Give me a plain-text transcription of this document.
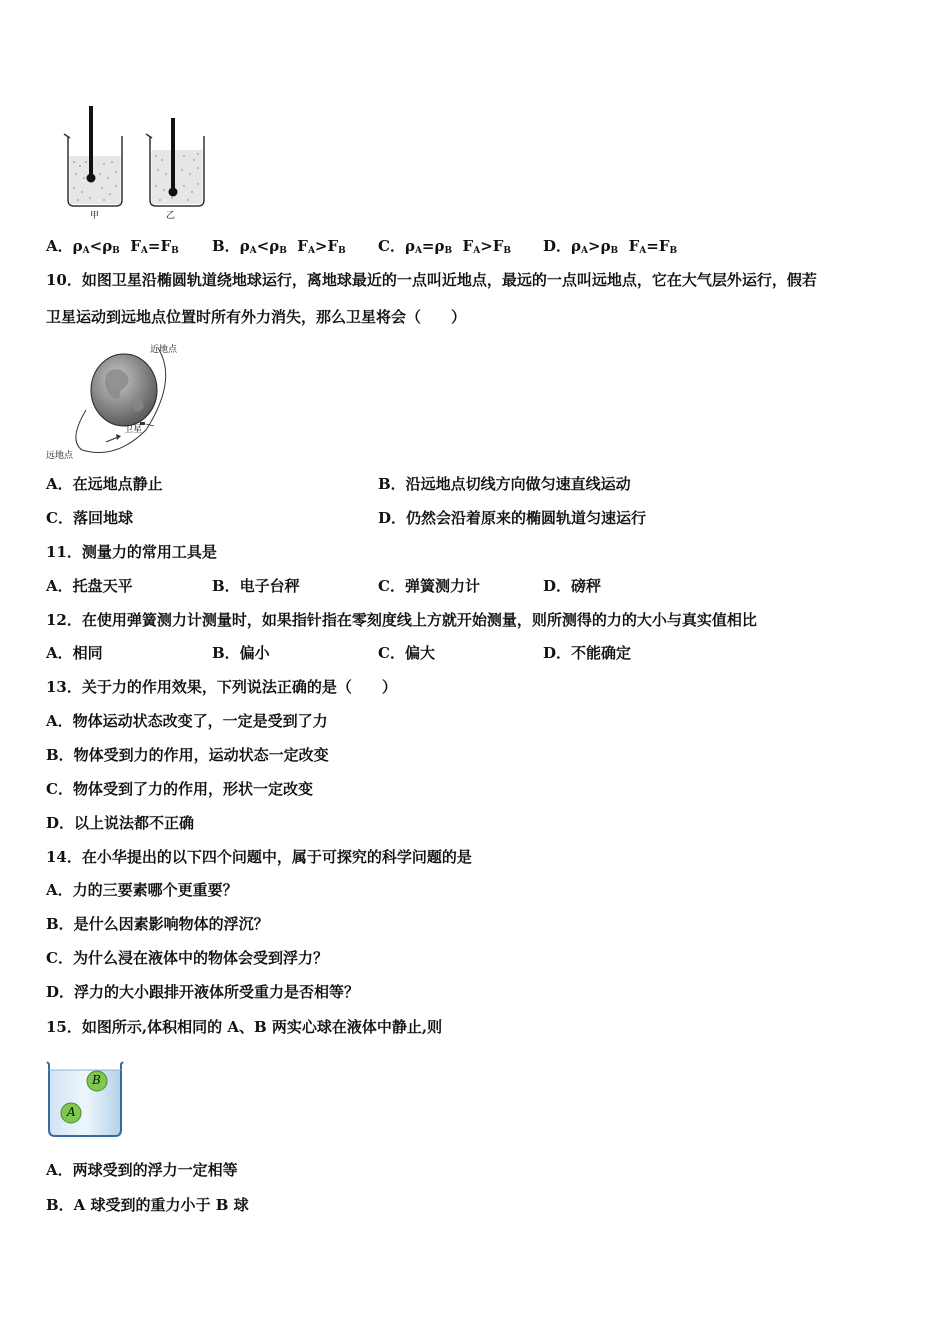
甲	乙
A．$\rho_A<\rho_B$ $F_A=F_B$ B．$\rho_A<\rho_B$ $F_A>F_B$ C．$\rho_A=\rho_B$ $F_A>F_B$ D．$\rho_A>\rho_B$ $F_A=F_B$
10．如图卫星沿椭圆轨道绕地球运行，离地球最近的一点叫近地点，最远的一点叫远地点，它在大气层外运行，假若
卫星运动到远地点位置时所有外力消失，那么卫星将会（　　）
近地点
卫星
远地点
A．在远地点静止	B．沿远地点切线方向做匀速直线运动
C．落回地球	D．仍然会沿着原来的椭圆轨道匀速运行
11．测量力的常用工具是
A．托盘天平	B．电子台秤	C．弹簧测力计	D．磅秤
12．在使用弹簧测力计测量时，如果指针指在零刻度线上方就开始测量，则所测得的力的大小与真实值相比
A．相同	B．偏小	C．偏大	D．不能确定
13．关于力的作用效果，下列说法正确的是（　　）
A．物体运动状态改变了，一定是受到了力
B．物体受到力的作用，运动状态一定改变
C．物体受到了力的作用，形状一定改变
D．以上说法都不正确
14．在小华提出的以下四个问题中，属于可探究的科学问题的是
A．力的三要素哪个更重要？
B．是什么因素影响物体的浮沉？
C．为什么浸在液体中的物体会受到浮力？
D．浮力的大小跟排开液体所受重力是否相等？
15．如图所示,体积相同的 A、B 两实心球在液体中静止,则
B
A
A．两球受到的浮力一定相等
B．A 球受到的重力小于 B 球
